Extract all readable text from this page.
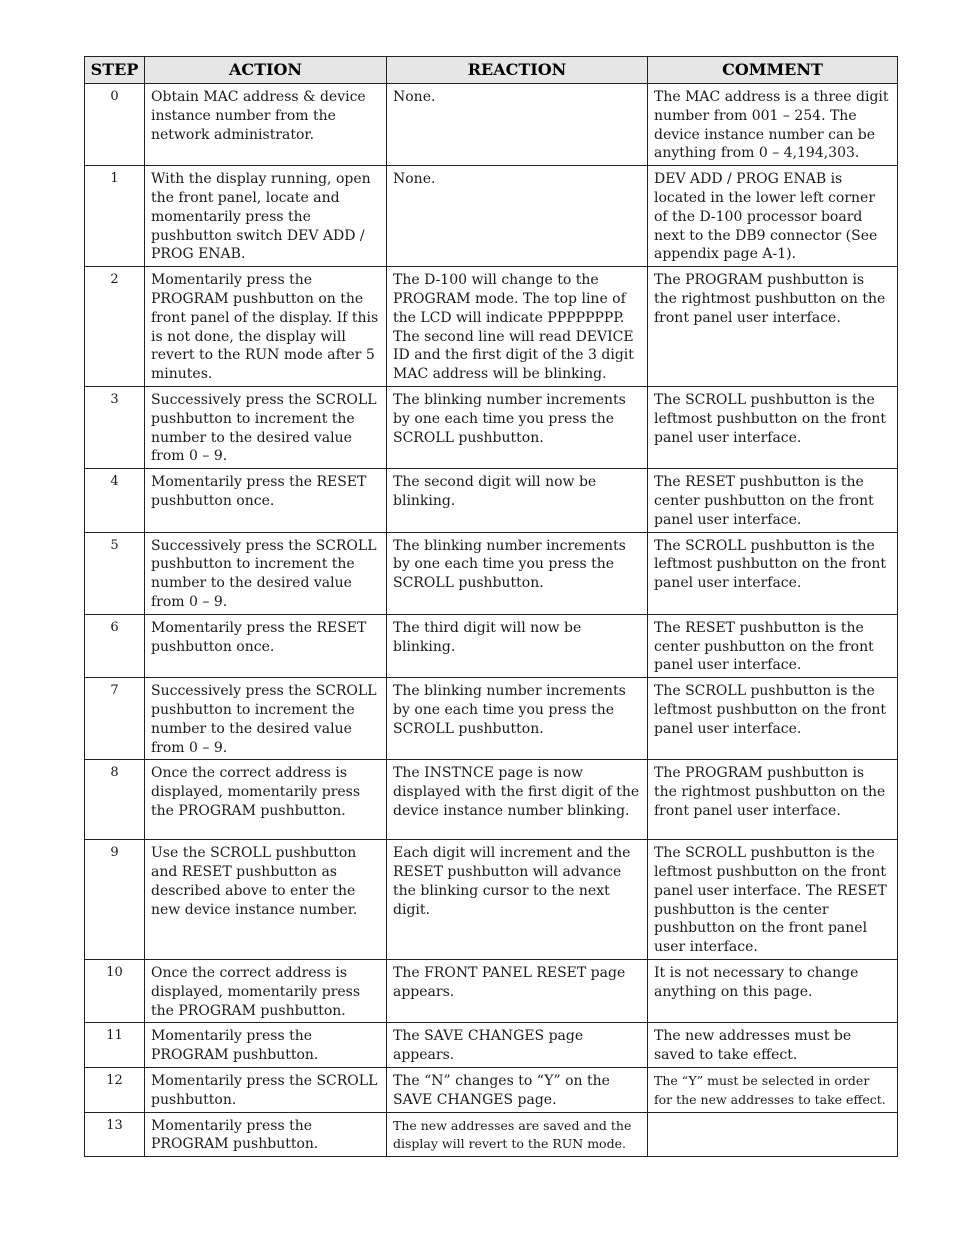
STEP	ACTION	REACTION	COMMENT
0	Obtain MAC address & device instance number from the network administrator.	None.	The MAC address is a three digit number from 001 – 254. The device instance number can be anything from 0 – 4,194,303.
1	With the display running, open the front panel, locate and momentarily press the pushbutton switch DEV ADD / PROG ENAB.	None.	DEV ADD / PROG ENAB is located in the lower left corner of the D-100 processor board next to the DB9 connector (See appendix page A-1).
2	Momentarily press the PROGRAM pushbutton on the front panel of the display. If this is not done, the display will revert to the RUN mode after 5 minutes.	The D-100 will change to the PROGRAM mode. The top line of the LCD will indicate PPPPPPPP. The second line will read DEVICE ID and the first digit of the 3 digit MAC address will be blinking.	The PROGRAM pushbutton is the rightmost pushbutton on the front panel user interface.
3	Successively press the SCROLL pushbutton to increment the number to the desired value from 0 – 9.	The blinking number increments by one each time you press the SCROLL pushbutton.	The SCROLL pushbutton is the leftmost pushbutton on the front panel user interface.
4	Momentarily press the RESET pushbutton once.	The second digit will now be blinking.	The RESET pushbutton is the center pushbutton on the front panel user interface.
5	Successively press the SCROLL pushbutton to increment the number to the desired value from 0 – 9.	The blinking number increments by one each time you press the SCROLL pushbutton.	The SCROLL pushbutton is the leftmost pushbutton on the front panel user interface.
6	Momentarily press the RESET pushbutton once.	The third digit will now be blinking.	The RESET pushbutton is the center pushbutton on the front panel user interface.
7	Successively press the SCROLL pushbutton to increment the number to the desired value from 0 – 9.	The blinking number increments by one each time you press the SCROLL pushbutton.	The SCROLL pushbutton is the leftmost pushbutton on the front panel user interface.
8	Once the correct address is displayed, momentarily press the PROGRAM pushbutton.	The INSTNCE page is now displayed with the first digit of the device instance number blinking.	The PROGRAM pushbutton is the rightmost pushbutton on the front panel user interface.
9	Use the SCROLL pushbutton and RESET pushbutton as described above to enter the new device instance number.	Each digit will increment and the RESET pushbutton will advance the blinking cursor to the next digit.	The SCROLL pushbutton is the leftmost pushbutton on the front panel user interface. The RESET pushbutton is the center pushbutton on the front panel user interface.
10	Once the correct address is displayed, momentarily press the PROGRAM pushbutton.	The FRONT PANEL RESET page appears.	It is not necessary to change anything on this page.
11	Momentarily press the PROGRAM pushbutton.	The SAVE CHANGES page appears.	The new addresses must be saved to take effect.
12	Momentarily press the SCROLL pushbutton.	The “N” changes to “Y” on the SAVE CHANGES page.	The “Y” must be selected in order for the new addresses to take effect.
13	Momentarily press the PROGRAM pushbutton.	The new addresses are saved and the display will revert to the RUN mode.	
